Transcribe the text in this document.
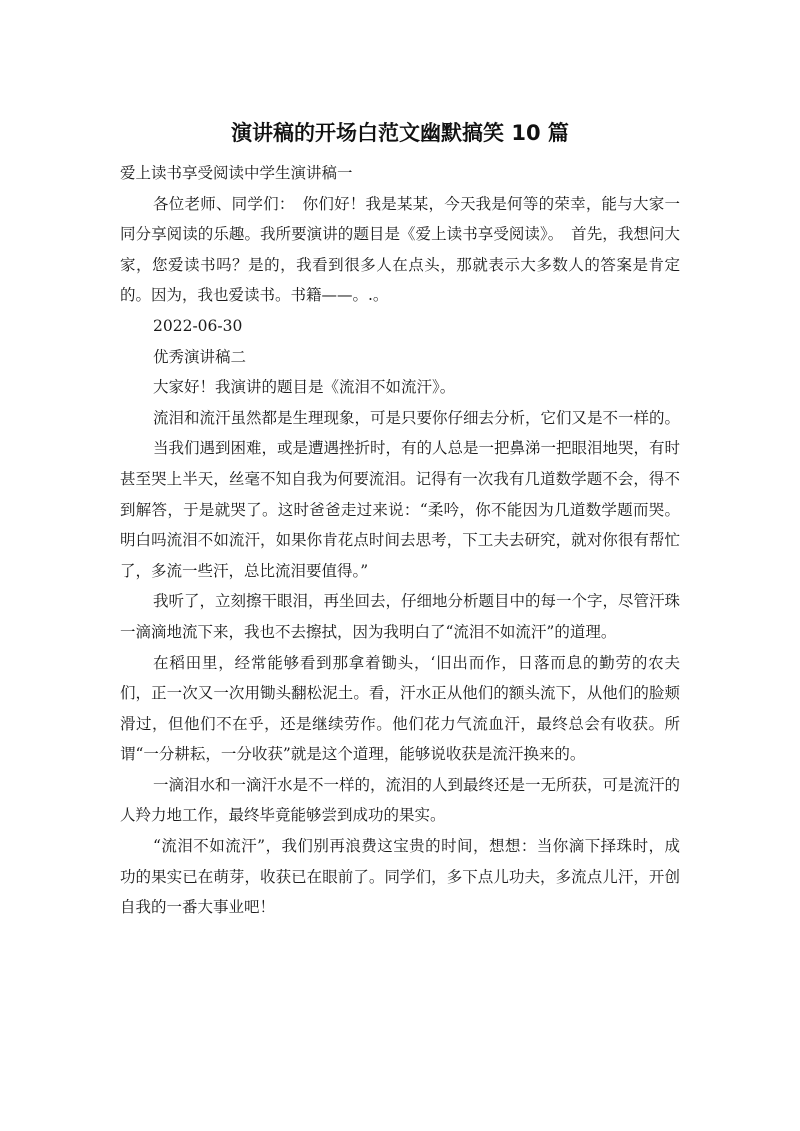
演讲稿的开场白范文幽默搞笑 10 篇

爱上读书享受阅读中学生演讲稿一

各位老师、同学们：　你们好！我是某某，今天我是何等的荣幸，能与大家一同分享阅读的乐趣。我所要演讲的题目是《爱上读书享受阅读》。　首先，我想问大家，您爱读书吗？是的，我看到很多人在点头，那就表示大多数人的答案是肯定的。因为，我也爱读书。书籍——。.。

2022-06-30

优秀演讲稿二

大家好！我演讲的题目是《流泪不如流汗》。

流泪和流汗虽然都是生理现象，可是只要你仔细去分析，它们又是不一样的。

当我们遇到困难，或是遭遇挫折时，有的人总是一把鼻涕一把眼泪地哭，有时甚至哭上半天，丝毫不知自我为何要流泪。记得有一次我有几道数学题不会，得不到解答，于是就哭了。这时爸爸走过来说：“柔吟，你不能因为几道数学题而哭。明白吗流泪不如流汗，如果你肯花点时间去思考，下工夫去研究，就对你很有帮忙了，多流一些汗，总比流泪要值得。”

我听了，立刻擦干眼泪，再坐回去，仔细地分析题目中的每一个字，尽管汗珠一滴滴地流下来，我也不去擦拭，因为我明白了“流泪不如流汗”的道理。

在稻田里，经常能够看到那拿着锄头，‘旧出而作，日落而息的勤劳的农夫们，正一次又一次用锄头翻松泥土。看，汗水正从他们的额头流下，从他们的脸颊滑过，但他们不在乎，还是继续劳作。他们花力气流血汗，最终总会有收获。所谓“一分耕耘，一分收获”就是这个道理，能够说收获是流汗换来的。

一滴泪水和一滴汗水是不一样的，流泪的人到最终还是一无所获，可是流汗的人羚力地工作，最终毕竟能够尝到成功的果实。

“流泪不如流汗”，我们别再浪费这宝贵的时间，想想：当你滴下择珠时，成功的果实已在萌芽，收获已在眼前了。同学们，多下点儿功夫，多流点儿汗，开创自我的一番大事业吧！
